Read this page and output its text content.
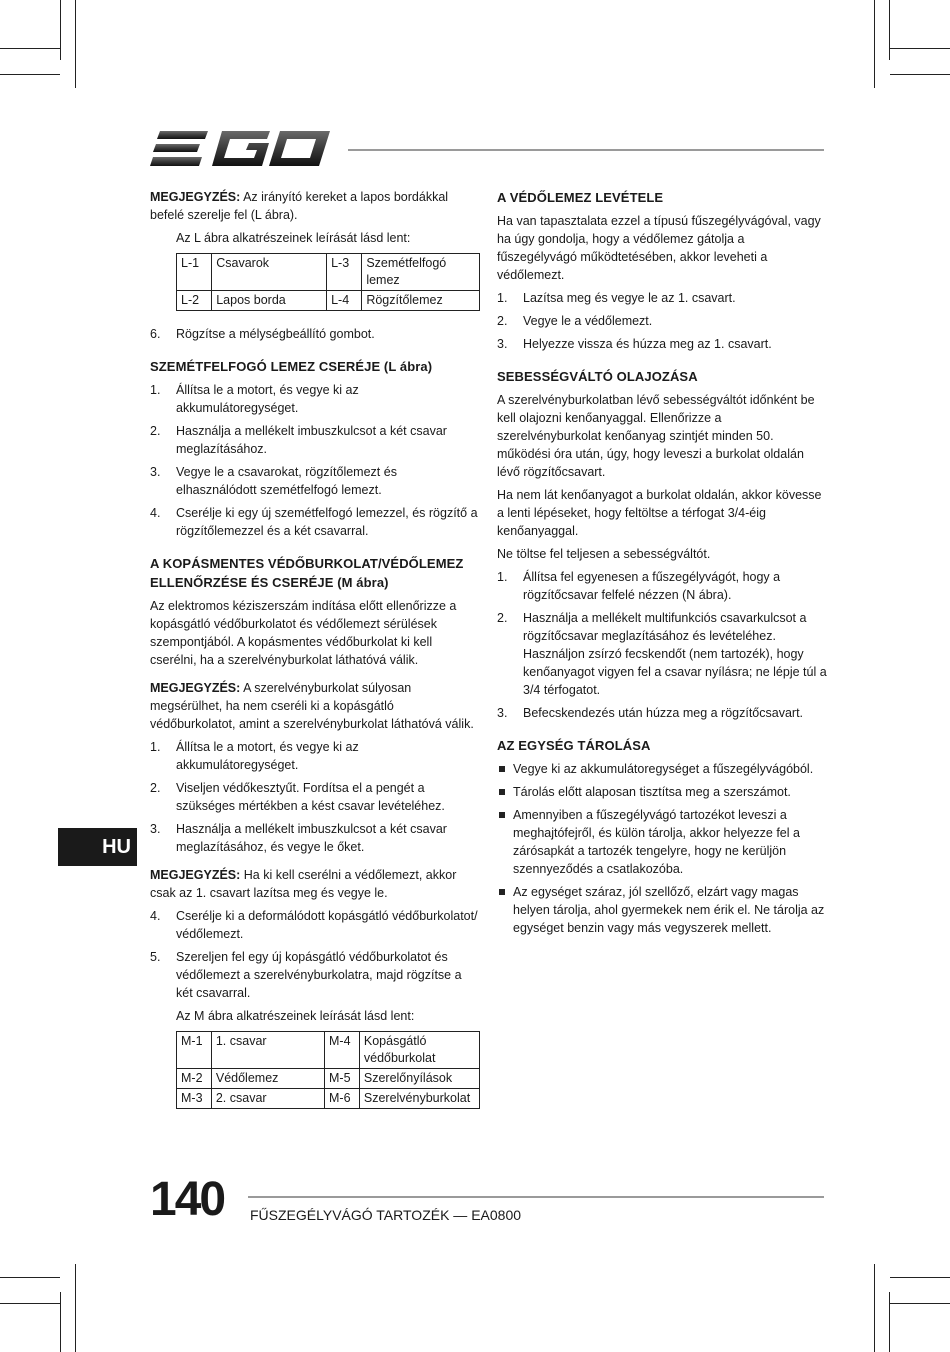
MEGJEGYZÉS: Az irányító kereket a lapos bordákkal befelé szerelje fel (L ábra).

Az L ábra alkatrészeinek leírását lásd lent:

L-1	Csavarok	L-3	Szemétfelfogó lemez
L-2	Lapos borda	L-4	Rögzítőlemez
6. Rögzítse a mélységbeállító gombot.
SZEMÉTFELFOGÓ LEMEZ CSERÉJE (L ábra)
1. Állítsa le a motort, és vegye ki az akkumulátoregységet.
2. Használja a mellékelt imbuszkulcsot a két csavar meglazításához.
3. Vegye le a csavarokat, rögzítőlemezt és elhasználódott szemétfelfogó lemezt.
4. Cserélje ki egy új szemétfelfogó lemezzel, és rögzítő a rögzítőlemezzel és a két csavarral.
A KOPÁSMENTES VÉDŐBURKOLAT/VÉDŐLEMEZ ELLENŐRZÉSE ÉS CSERÉJE (M ábra)

Az elektromos kéziszerszám indítása előtt ellenőrizze a kopásgátló védőburkolatot és védőlemezt sérülések szempontjából. A kopásmentes védőburkolat ki kell cserélni, ha a szerelvényburkolat láthatóvá válik.

MEGJEGYZÉS: A szerelvényburkolat súlyosan megsérülhet, ha nem cseréli ki a kopásgátló védőburkolatot, amint a szerelvényburkolat láthatóvá válik.

1. Állítsa le a motort, és vegye ki az akkumulátoregységet.
2. Viseljen védőkesztyűt. Fordítsa el a pengét a szükséges mértékben a kést csavar levételéhez.
3. Használja a mellékelt imbuszkulcsot a két csavar meglazításához, és vegye le őket.

MEGJEGYZÉS: Ha ki kell cserélni a védőlemezt, akkor csak az 1. csavart lazítsa meg és vegye le.

4. Cserélje ki a deformálódott kopásgátló védőburkolatot/ védőlemezt.
5. Szereljen fel egy új kopásgátló védőburkolatot és védőlemezt a szerelvényburkolatra, majd rögzítse a két csavarral.

Az M ábra alkatrészeinek leírását lásd lent:

M-1	1. csavar	M-4	Kopásgátló védőburkolat
M-2	Védőlemez	M-5	Szerelőnyílások
M-3	2. csavar	M-6	Szerelvényburkolat
A VÉDŐLEMEZ LEVÉTELE

Ha van tapasztalata ezzel a típusú fűszegélyvágóval, vagy ha úgy gondolja, hogy a védőlemez gátolja a fűszegélyvágó működtetésében, akkor leveheti a védőlemezt.

1. Lazítsa meg és vegye le az 1. csavart.
2. Vegye le a védőlemezt.
3. Helyezze vissza és húzza meg az 1. csavart.
SEBESSÉGVÁLTÓ OLAJOZÁSA

A szerelvényburkolatban lévő sebességváltót időnként be kell olajozni kenőanyaggal. Ellenőrizze a szerelvényburkolat kenőanyag szintjét minden 50. működési óra után, úgy, hogy leveszi a burkolat oldalán lévő rögzítőcsavart.

Ha nem lát kenőanyagot a burkolat oldalán, akkor kövesse a lenti lépéseket, hogy feltöltse a térfogat 3/4-éig kenőanyaggal.

Ne töltse fel teljesen a sebességváltót.

1. Állítsa fel egyenesen a fűszegélyvágót, hogy a rögzítőcsavar felfelé nézzen (N ábra).
2. Használja a mellékelt multifunkciós csavarkulcsot a rögzítőcsavar meglazításához és levételéhez. Használjon zsírzó fecskendőt (nem tartozék), hogy kenőanyagot vigyen fel a csavar nyílásra; ne lépje túl a 3/4 térfogatot.
3. Befecskendezés után húzza meg a rögzítőcsavart.
AZ EGYSÉG TÁROLÁSA
Vegye ki az akkumulátoregységet a fűszegélyvágóból.
Tárolás előtt alaposan tisztítsa meg a szerszámot.
Amennyiben a fűszegélyvágó tartozékot leveszi a meghajtófejről, és külön tárolja, akkor helyezze fel a zárósapkát a tartozék tengelyre, hogy ne kerüljön szennyeződés a csatlakozóba.
Az egységet száraz, jól szellőző, elzárt vagy magas helyen tárolja, ahol gyermekek nem érik el. Ne tárolja az egységet benzin vagy más vegyszerek mellett.
HU
140 FŰSZEGÉLYVÁGÓ TARTOZÉK — EA0800
